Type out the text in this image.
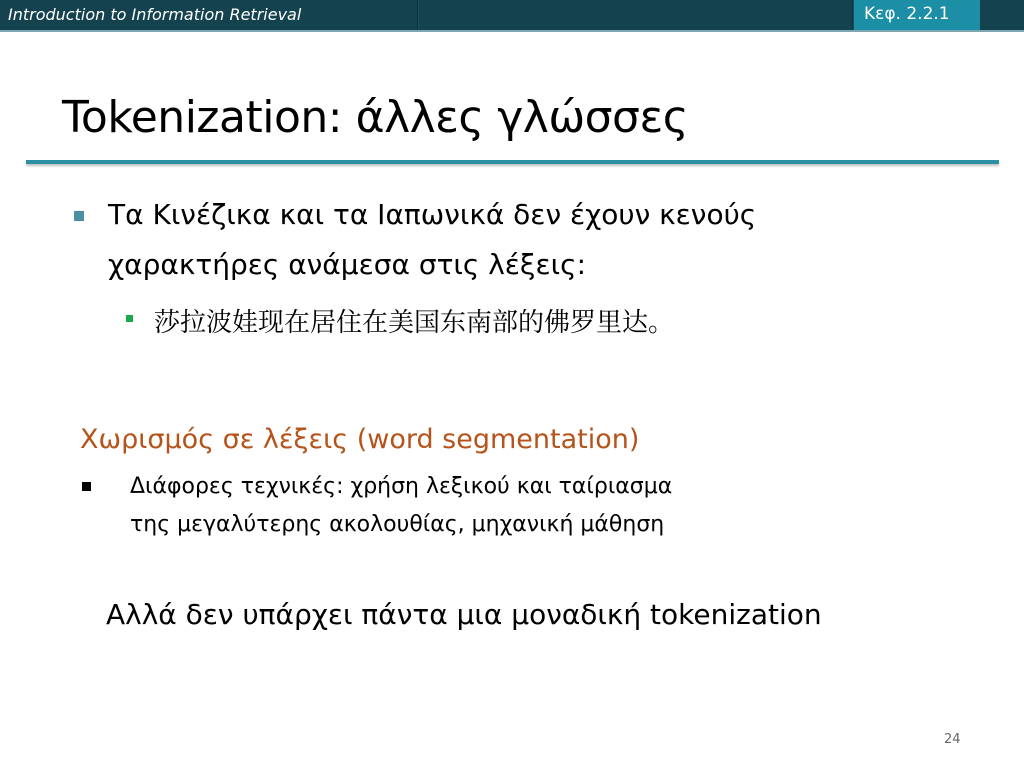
Introduction to Information Retrieval	Κεφ. 2.2.1
Tokenization: άλλες γλώσσες
Τα Κινέζικα και τα Ιαπωνικά δεν έχουν κενούς
χαρακτήρες ανάμεσα στις λέξεις:
莎拉波娃现在居住在美国东南部的佛罗里达。
Χωρισμός σε λέξεις (word segmentation)
Διάφορες τεχνικές: χρήση λεξικού και ταίριασμα
της μεγαλύτερης ακολουθίας, μηχανική μάθηση
Αλλά δεν υπάρχει πάντα μια μοναδική tokenization
24
